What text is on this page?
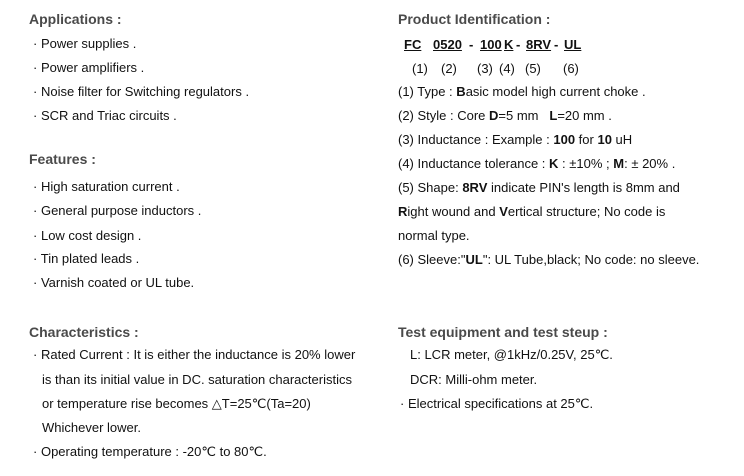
Applications :
· Power supplies .
· Power amplifiers .
· Noise filter for Switching regulators .
· SCR and Triac circuits .
Features :
· High saturation current .
· General purpose inductors .
· Low cost design .
· Tin plated leads .
· Varnish coated or UL tube.
Characteristics :
· Rated Current : It is either the inductance is 20% lower
is than its initial value in DC. saturation characteristics
or temperature rise becomes △T=25℃(Ta=20)
Whichever lower.
· Operating temperature : -20℃ to 80℃.
Product Identification :
FC 0520 - 100 K - 8RV - UL
(1) (2) (3) (4) (5) (6)
(1) Type : Basic model high current choke .
(2) Style : Core D=5 mm   L=20 mm .
(3) Inductance : Example : 100 for 10 uH
(4) Inductance tolerance : K : ±10% ; M: ± 20% .
(5) Shape: 8RV indicate PIN's length is 8mm and
Right wound and Vertical structure; No code is
normal type.
(6) Sleeve:"UL": UL Tube,black; No code: no sleeve.
Test equipment and test steup :
L: LCR meter, @1kHz/0.25V, 25℃.
DCR: Milli-ohm meter.
· Electrical specifications at 25℃.
